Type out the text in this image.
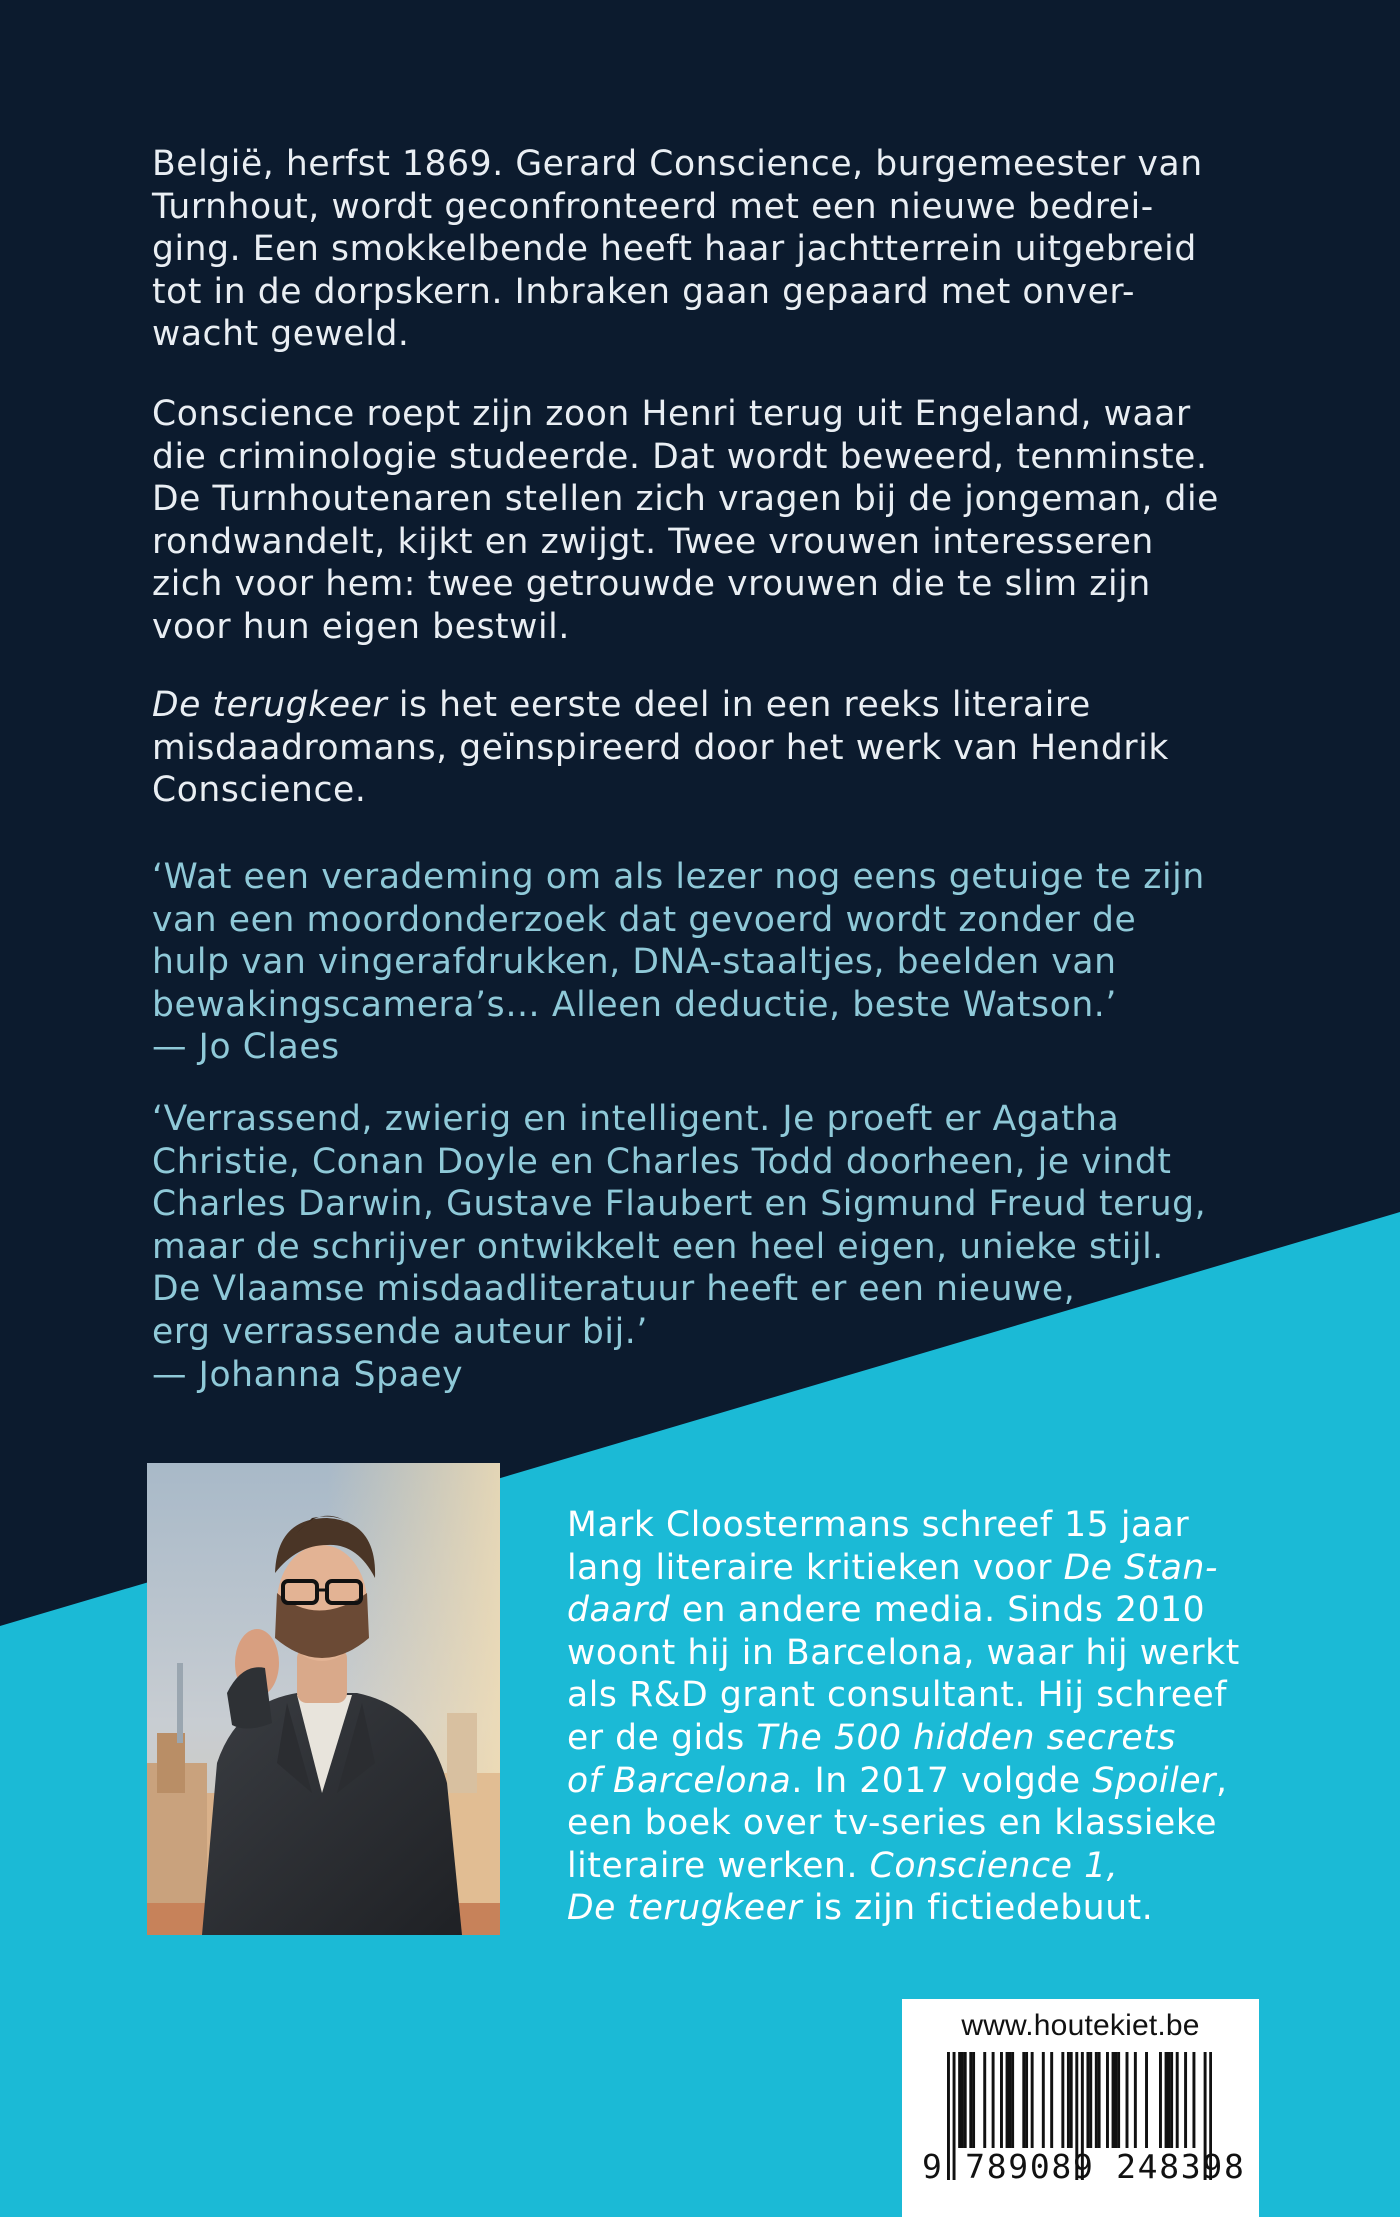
België, herfst 1869. Gerard Conscience, burgemeester van
Turnhout, wordt geconfronteerd met een nieuwe bedrei-
ging. Een smokkelbende heeft haar jachtterrein uitgebreid
tot in de dorpskern. Inbraken gaan gepaard met onver-
wacht geweld.
Conscience roept zijn zoon Henri terug uit Engeland, waar
die criminologie studeerde. Dat wordt beweerd, tenminste.
De Turnhoutenaren stellen zich vragen bij de jongeman, die
rondwandelt, kijkt en zwijgt. Twee vrouwen interesseren
zich voor hem: twee getrouwde vrouwen die te slim zijn
voor hun eigen bestwil.
De terugkeer is het eerste deel in een reeks literaire
misdaadromans, geïnspireerd door het werk van Hendrik
Conscience.
‘Wat een verademing om als lezer nog eens getuige te zijn
van een moordonderzoek dat gevoerd wordt zonder de
hulp van vingerafdrukken, DNA-staaltjes, beelden van
bewakingscamera’s… Alleen deductie, beste Watson.’
— Jo Claes
‘Verrassend, zwierig en intelligent. Je proeft er Agatha
Christie, Conan Doyle en Charles Todd doorheen, je vindt
Charles Darwin, Gustave Flaubert en Sigmund Freud terug,
maar de schrijver ontwikkelt een heel eigen, unieke stijl.
De Vlaamse misdaadliteratuur heeft er een nieuwe,
erg verrassende auteur bij.’
— Johanna Spaey
Mark Cloostermans schreef 15 jaar
lang literaire kritieken voor De Stan-
daard en andere media. Sinds 2010
woont hij in Barcelona, waar hij werkt
als R&D grant consultant. Hij schreef
er de gids The 500 hidden secrets
of Barcelona. In 2017 volgde Spoiler,
een boek over tv-series en klassieke
literaire werken. Conscience 1,
De terugkeer is zijn fictiedebuut.
www.houtekiet.be
9 789089 248398
